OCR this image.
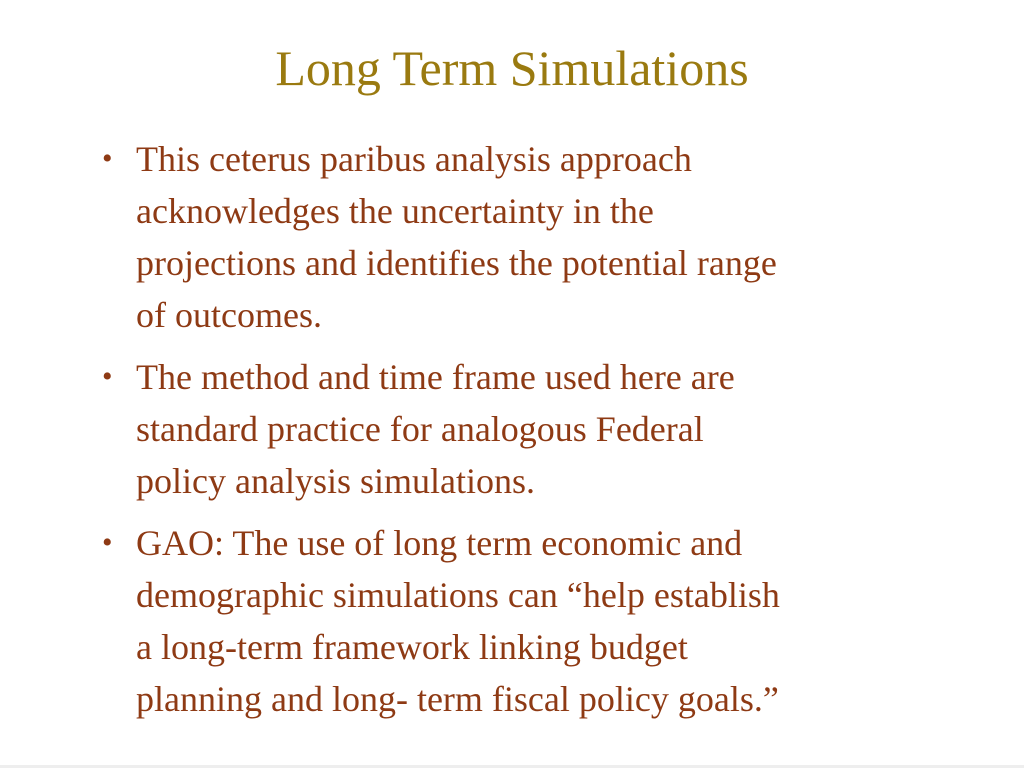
Long Term Simulations
• This ceterus paribus analysis approach
acknowledges the uncertainty in the
projections and identifies the potential range
of outcomes.
• The method and time frame used here are
standard practice for analogous Federal
policy analysis simulations.
• GAO: The use of long term economic and
demographic simulations can “help establish
a long-term framework linking budget
planning and long- term fiscal policy goals.”
